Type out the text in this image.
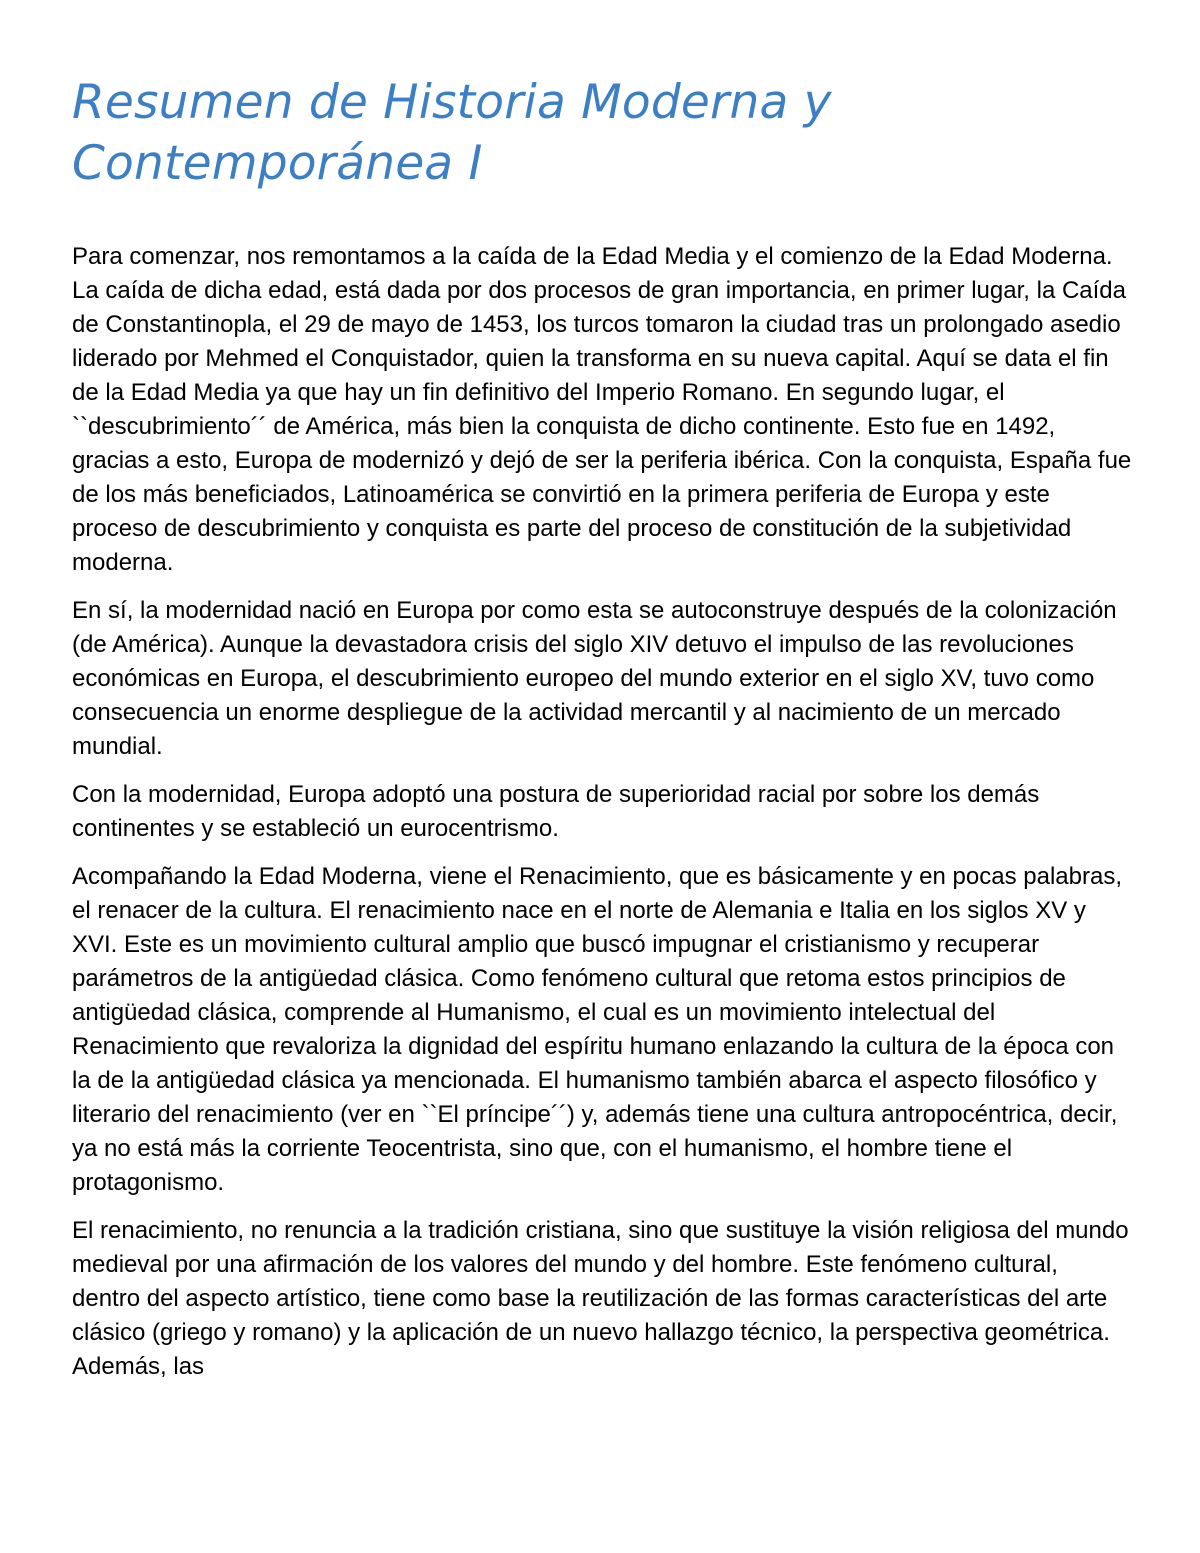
Resumen de Historia Moderna y Contemporánea I

Para comenzar, nos remontamos a la caída de la Edad Media y el comienzo de la Edad Moderna. La caída de dicha edad, está dada por dos procesos de gran importancia, en primer lugar, la Caída de Constantinopla, el 29 de mayo de 1453, los turcos tomaron la ciudad tras un prolongado asedio liderado por Mehmed el Conquistador, quien la transforma en su nueva capital. Aquí se data el fin de la Edad Media ya que hay un fin definitivo del Imperio Romano. En segundo lugar, el ``descubrimiento´´ de América, más bien la conquista de dicho continente. Esto fue en 1492, gracias a esto, Europa de modernizó y dejó de ser la periferia ibérica. Con la conquista, España fue de los más beneficiados, Latinoamérica se convirtió en la primera periferia de Europa y este proceso de descubrimiento y conquista es parte del proceso de constitución de la subjetividad moderna.

En sí, la modernidad nació en Europa por como esta se autoconstruye después de la colonización (de América). Aunque la devastadora crisis del siglo XIV detuvo el impulso de las revoluciones económicas en Europa, el descubrimiento europeo del mundo exterior en el siglo XV, tuvo como consecuencia un enorme despliegue de la actividad mercantil y al nacimiento de un mercado mundial.

Con la modernidad, Europa adoptó una postura de superioridad racial por sobre los demás continentes y se estableció un eurocentrismo.

Acompañando la Edad Moderna, viene el Renacimiento, que es básicamente y en pocas palabras, el renacer de la cultura. El renacimiento nace en el norte de Alemania e Italia en los siglos XV y XVI. Este es un movimiento cultural amplio que buscó impugnar el cristianismo y recuperar parámetros de la antigüedad clásica. Como fenómeno cultural que retoma estos principios de antigüedad clásica, comprende al Humanismo, el cual es un movimiento intelectual del Renacimiento que revaloriza la dignidad del espíritu humano enlazando la cultura de la época con la de la antigüedad clásica ya mencionada. El humanismo también abarca el aspecto filosófico y literario del renacimiento (ver en ``El príncipe´´) y, además tiene una cultura antropocéntrica, decir, ya no está más la corriente Teocentrista, sino que, con el humanismo, el hombre tiene el protagonismo.

El renacimiento, no renuncia a la tradición cristiana, sino que sustituye la visión religiosa del mundo medieval por una afirmación de los valores del mundo y del hombre. Este fenómeno cultural, dentro del aspecto artístico, tiene como base la reutilización de las formas características del arte clásico (griego y romano) y la aplicación de un nuevo hallazgo técnico, la perspectiva geométrica. Además, las
